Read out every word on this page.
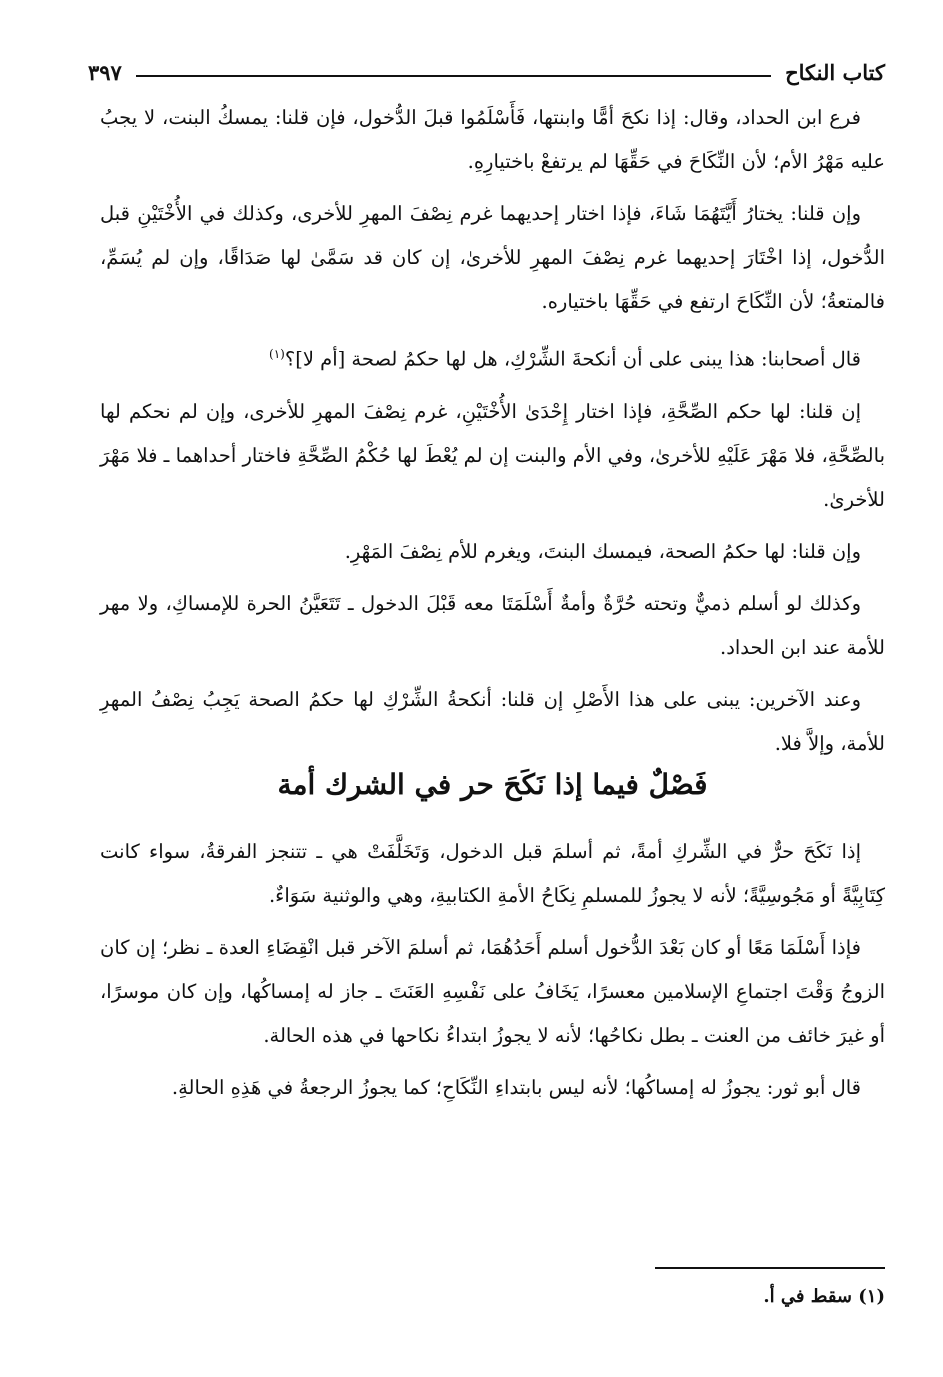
كتاب النكاح
٣٩٧

فرع ابن الحداد، وقال: إذا نكحَ أمًّا وابنتها، فَأَسْلَمُوا قبلَ الدُّخول، فإن قلنا: يمسكُ البنت، لا يجبُ عليه مَهْرُ الأم؛ لأن النِّكَاحَ في حَقِّهَا لم يرتفعْ باختيارِهِ.

وإن قلنا: يختارُ أَيَّتَهُمَا شَاءَ، فإذا اختار إحديهما غرم نِصْفَ المهرِ للأخرى، وكذلك في الأُخْتَيْنِ قبل الدُّخول، إذا اخْتَارَ إحديهما غرم نِصْفَ المهرِ للأخرىٰ، إن كان قد سَمَّىٰ لها صَدَاقًا، وإن لم يُسَمِّ، فالمتعةُ؛ لأن النِّكَاحَ ارتفع في حَقِّهَا باختياره.

قال أصحابنا: هذا يبنى على أن أنكحةَ الشِّرْكِ، هل لها حكمُ لصحة [أم لا]؟$^{(١)}$

إن قلنا: لها حكم الصِّحَّةِ، فإذا اختار إِحْدَىٰ الأُخْتَيْنِ، غرم نِصْفَ المهرِ للأخرى، وإن لم نحكم لها بالصِّحَّةِ، فلا مَهْرَ عَلَيْهِ للأخرىٰ، وفي الأم والبنت إن لم يُعْطَ لها حُكْمُ الصِّحَّةِ فاختار أحداهما ـ فلا مَهْرَ للأخرىٰ.

وإن قلنا: لها حكمُ الصحة، فيمسك البنتَ، ويغرم للأم نِصْفَ المَهْرِ.

وكذلك لو أسلم ذميٌّ وتحته حُرَّةٌ وأمةٌ أَسْلَمَتَا معه قَبْلَ الدخول ـ تَتَعَيَّنُ الحرة للإمساكِ، ولا مهر للأمة عند ابن الحداد.

وعند الآخرين: يبنى على هذا الأَصْلِ إن قلنا: أنكحةُ الشِّرْكِ لها حكمُ الصحة يَجِبُ نِصْفُ المهرِ للأمة، وإلاَّ فلا.

فَصْلٌ فيما إذا نَكَحَ حر في الشرك أمة

إذا نَكَحَ حرٌّ في الشِّركِ أمةً، ثم أسلمَ قبل الدخول، وَتَخَلَّفَتْ هي ـ تتنجز الفرقةُ، سواء كانت كِتَابِيَّةً أو مَجُوسِيَّةً؛ لأنه لا يجوزُ للمسلمِ نِكَاحُ الأمةِ الكتابيةِ، وهي والوثنية سَوَاءٌ.

فإذا أَسْلَمَا مَعًا أو كان بَعْدَ الدُّخول أسلم أَحَدُهُمَا، ثم أسلمَ الآخر قبل انْقِضَاءِ العدة ـ نظر؛ إن كان الزوجُ وَقْتَ اجتماعِ الإسلامين معسرًا، يَخَافُ على نَفْسِهِ العَنَتَ ـ جاز له إمساكُها، وإن كان موسرًا، أو غيرَ خائف من العنت ـ بطل نكاحُها؛ لأنه لا يجوزُ ابتداءُ نكاحها في هذه الحالة.

قال أبو ثور: يجوزُ له إمساكُها؛ لأنه ليس بابتداءِ النِّكَاحِ؛ كما يجوزُ الرجعةُ في هَذِهِ الحالةِ.

(١) سقط في أ.
